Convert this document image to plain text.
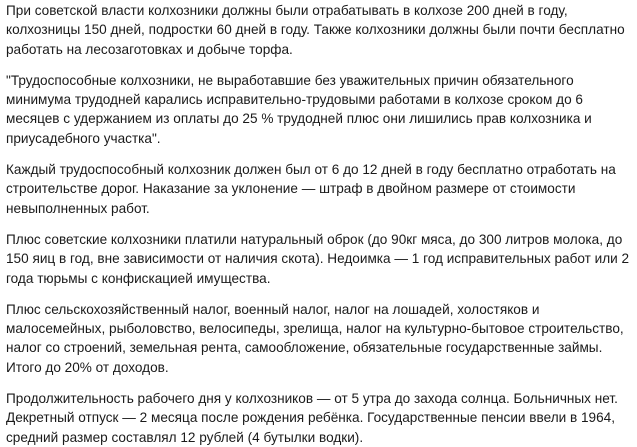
При советской власти колхозники должны были отрабатывать в колхозе 200 дней в году,
колхозницы 150 дней, подростки 60 дней в году. Также колхозники должны были почти бесплатно
работать на лесозаготовках и добыче торфа.

"Трудоспособные колхозники, не выработавшие без уважительных причин обязательного
минимума трудодней карались исправительно-трудовыми работами в колхозе сроком до 6
месяцев с удержанием из оплаты до 25 % трудодней плюс они лишились прав колхозника и
приусадебного участка".

Каждый трудоспособный колхозник должен был от 6 до 12 дней в году бесплатно отработать на
строительстве дорог. Наказание за уклонение — штраф в двойном размере от стоимости
невыполненных работ.

Плюс советские колхозники платили натуральный оброк (до 90кг мяса, до 300 литров молока, до
150 яиц в год, вне зависимости от наличия скота). Недоимка — 1 год исправительных работ или 2
года тюрьмы с конфискацией имущества.

Плюс сельскохозяйственный налог, военный налог, налог на лошадей, холостяков и
малосемейных, рыболовство, велосипеды, зрелища, налог на культурно-бытовое строительство,
налог со строений, земельная рента, самообложение, обязательные государственные займы.
Итого до 20% от доходов.

Продолжительность рабочего дня у колхозников — от 5 утра до захода солнца. Больничных нет.
Декретный отпуск — 2 месяца после рождения ребёнка. Государственные пенсии ввели в 1964,
средний размер составлял 12 рублей (4 бутылки водки).
